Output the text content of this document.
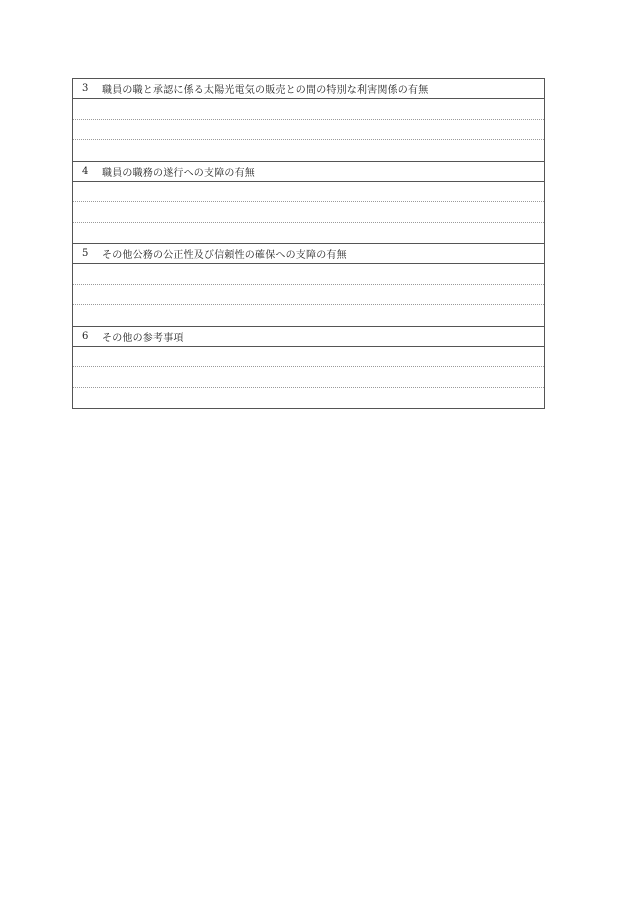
3	職員の職と承認に係る太陽光電気の販売との間の特別な利害関係の有無
4	職員の職務の遂行への支障の有無
5	その他公務の公正性及び信頼性の確保への支障の有無
6	その他の参考事項
